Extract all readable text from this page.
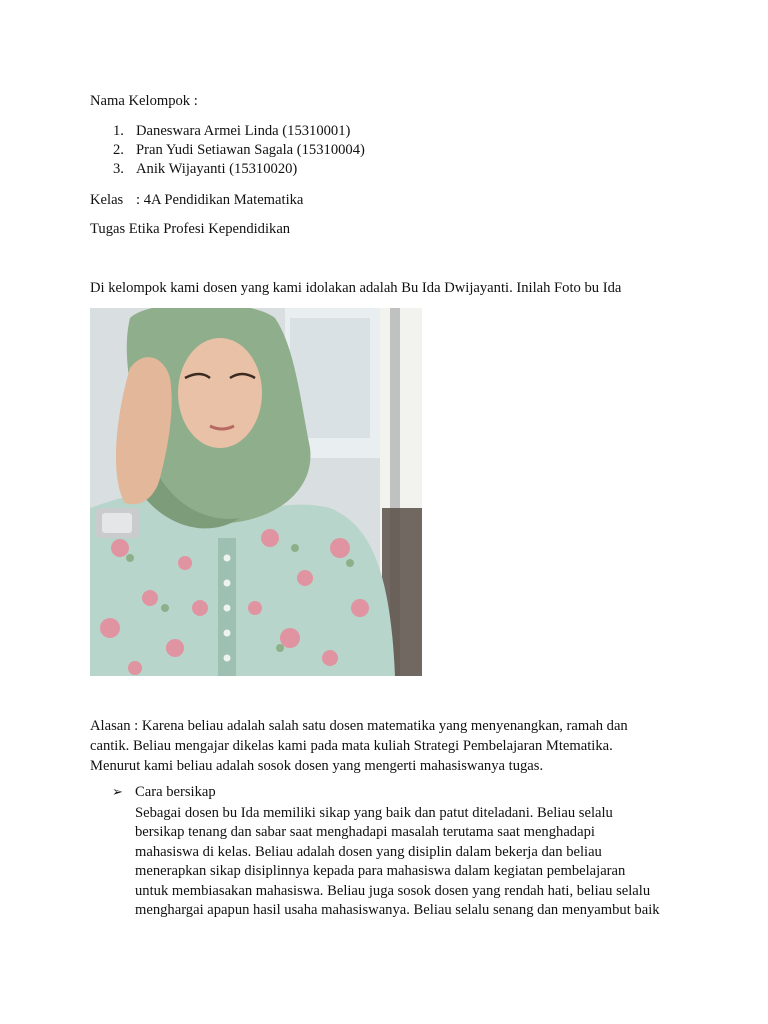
Nama Kelompok :
1. Daneswara Armei Linda (15310001)
2. Pran Yudi Setiawan Sagala (15310004)
3. Anik Wijayanti (15310020)
Kelas : 4A Pendidikan Matematika
Tugas Etika Profesi Kependidikan
Di kelompok kami dosen yang kami idolakan adalah Bu Ida Dwijayanti. Inilah Foto bu Ida

Alasan : Karena beliau adalah salah satu dosen matematika yang menyenangkan, ramah dan

cantik. Beliau mengajar dikelas kami pada mata kuliah Strategi Pembelajaran Mtematika.

Menurut kami beliau adalah sosok dosen yang mengerti mahasiswanya tugas.

➢ Cara bersikap

Sebagai dosen bu Ida memiliki sikap yang baik dan patut diteladani. Beliau selalu

bersikap tenang dan sabar saat menghadapi masalah terutama saat menghadapi

mahasiswa di kelas. Beliau adalah dosen yang disiplin dalam bekerja dan beliau

menerapkan sikap disiplinnya kepada para mahasiswa dalam kegiatan pembelajaran

untuk membiasakan mahasiswa. Beliau juga sosok dosen yang rendah hati, beliau selalu

menghargai apapun hasil usaha mahasiswanya. Beliau selalu senang dan menyambut baik
